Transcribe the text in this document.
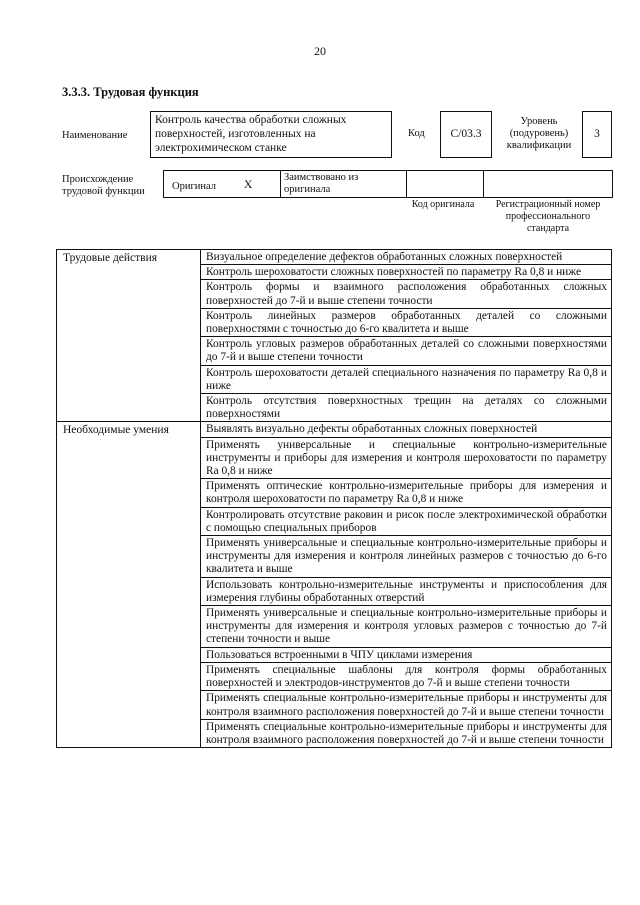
20
3.3.3. Трудовая функция
Наименование
Контроль качества обработки сложных поверхностей, изготовленных на электрохимическом станке
Код	С/03.3
Уровень (подуровень) квалификации
3
Происхождение трудовой функции	Оригинал X
Заимствовано из оригинала
Код оригинала	Регистрационный номер профессионального стандарта
Трудовые действия	Визуальное определение дефектов обработанных сложных поверхностей
Контроль шероховатости сложных поверхностей по параметру Ra 0,8 и ниже
Контроль формы и взаимного расположения обработанных сложных поверхностей до 7-й и выше степени точности
Контроль линейных размеров обработанных деталей со сложными поверхностями с точностью до 6-го квалитета и выше
Контроль угловых размеров обработанных деталей со сложными поверхностями до 7-й и выше степени точности
Контроль шероховатости деталей специального назначения по параметру Ra 0,8 и ниже
Контроль отсутствия поверхностных трещин на деталях со сложными поверхностями
Необходимые умения	Выявлять визуально дефекты обработанных сложных поверхностей
Применять универсальные и специальные контрольно-измерительные инструменты и приборы для измерения и контроля шероховатости по параметру Ra 0,8 и ниже
Применять оптические контрольно-измерительные приборы для измерения и контроля шероховатости по параметру Ra 0,8 и ниже
Контролировать отсутствие раковин и рисок после электрохимической обработки с помощью специальных приборов
Применять универсальные и специальные контрольно-измерительные приборы и инструменты для измерения и контроля линейных размеров с точностью до 6-го квалитета и выше
Использовать контрольно-измерительные инструменты и приспособления для измерения глубины обработанных отверстий
Применять универсальные и специальные контрольно-измерительные приборы и инструменты для измерения и контроля угловых размеров с точностью до 7-й степени точности и выше
Пользоваться встроенными в ЧПУ циклами измерения
Применять специальные шаблоны для контроля формы обработанных поверхностей и электродов-инструментов до 7-й и выше степени точности
Применять специальные контрольно-измерительные приборы и инструменты для контроля взаимного расположения поверхностей до 7-й и выше степени точности
Применять специальные контрольно-измерительные приборы и инструменты для контроля взаимного расположения поверхностей до 7-й и выше степени точности
